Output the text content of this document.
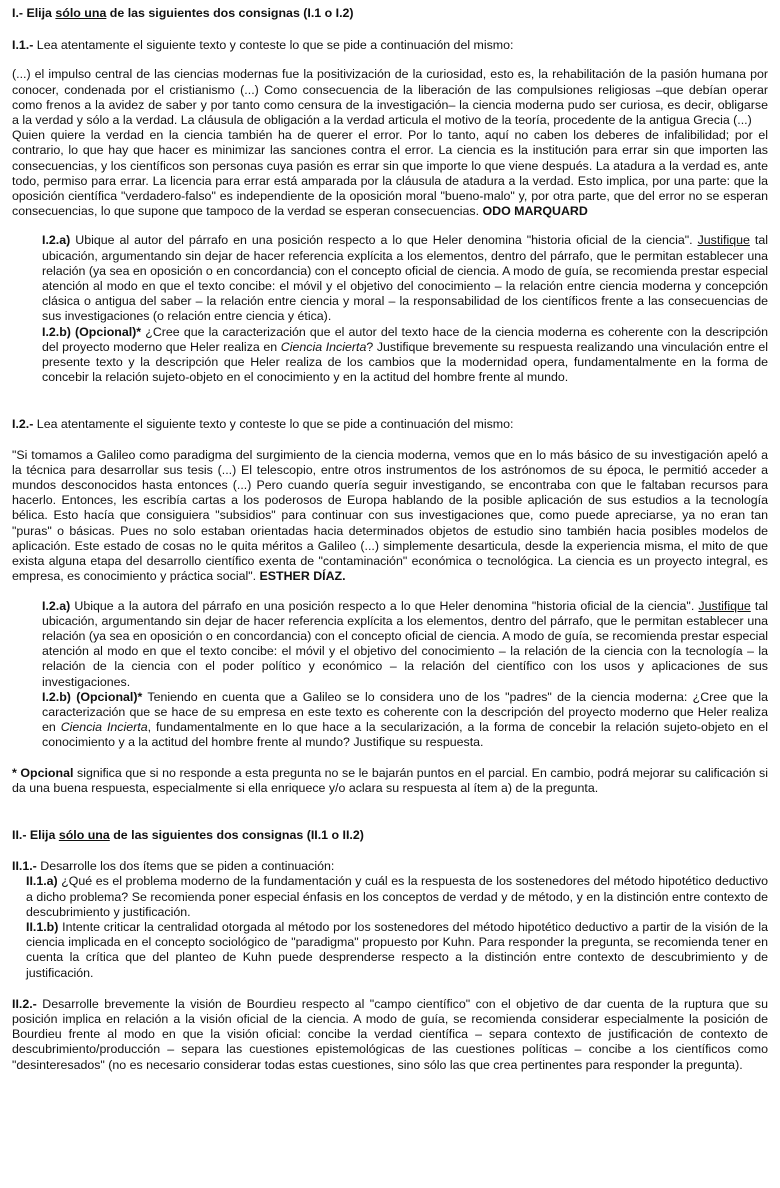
I.- Elija sólo una de las siguientes dos consignas (I.1 o I.2)

I.1.- Lea atentamente el siguiente texto y conteste lo que se pide a continuación del mismo:

(...) el impulso central de las ciencias modernas fue la positivización de la curiosidad, esto es, la rehabilitación de la pasión humana por conocer, condenada por el cristianismo (...) Como consecuencia de la liberación de las compulsiones religiosas –que debían operar como frenos a la avidez de saber y por tanto como censura de la investigación– la ciencia moderna pudo ser curiosa, es decir, obligarse a la verdad y sólo a la verdad. La cláusula de obligación a la verdad articula el motivo de la teoría, procedente de la antigua Grecia (...)

Quien quiere la verdad en la ciencia también ha de querer el error. Por lo tanto, aquí no caben los deberes de infalibilidad; por el contrario, lo que hay que hacer es minimizar las sanciones contra el error. La ciencia es la institución para errar sin que importen las consecuencias, y los científicos son personas cuya pasión es errar sin que importe lo que viene después. La atadura a la verdad es, ante todo, permiso para errar. La licencia para errar está amparada por la cláusula de atadura a la verdad. Esto implica, por una parte: que la oposición científica "verdadero-falso" es independiente de la oposición moral "bueno-malo" y, por otra parte, que del error no se esperan consecuencias, lo que supone que tampoco de la verdad se esperan consecuencias. ODO MARQUARD

I.2.a) Ubique al autor del párrafo en una posición respecto a lo que Heler denomina "historia oficial de la ciencia". Justifique tal ubicación, argumentando sin dejar de hacer referencia explícita a los elementos, dentro del párrafo, que le permitan establecer una relación (ya sea en oposición o en concordancia) con el concepto oficial de ciencia. A modo de guía, se recomienda prestar especial atención al modo en que el texto concibe: el móvil y el objetivo del conocimiento – la relación entre ciencia moderna y concepción clásica o antigua del saber – la relación entre ciencia y moral – la responsabilidad de los científicos frente a las consecuencias de sus investigaciones (o relación entre ciencia y ética).

I.2.b) (Opcional)* ¿Cree que la caracterización que el autor del texto hace de la ciencia moderna es coherente con la descripción del proyecto moderno que Heler realiza en Ciencia Incierta? Justifique brevemente su respuesta realizando una vinculación entre el presente texto y la descripción que Heler realiza de los cambios que la modernidad opera, fundamentalmente en la forma de concebir la relación sujeto-objeto en el conocimiento y en la actitud del hombre frente al mundo.

I.2.- Lea atentamente el siguiente texto y conteste lo que se pide a continuación del mismo:

"Si tomamos a Galileo como paradigma del surgimiento de la ciencia moderna, vemos que en lo más básico de su investigación apeló a la técnica para desarrollar sus tesis (...) El telescopio, entre otros instrumentos de los astrónomos de su época, le permitió acceder a mundos desconocidos hasta entonces (...) Pero cuando quería seguir investigando, se encontraba con que le faltaban recursos para hacerlo. Entonces, les escribía cartas a los poderosos de Europa hablando de la posible aplicación de sus estudios a la tecnología bélica. Esto hacía que consiguiera "subsidios" para continuar con sus investigaciones que, como puede apreciarse, ya no eran tan "puras" o básicas. Pues no solo estaban orientadas hacia determinados objetos de estudio sino también hacia posibles modelos de aplicación. Este estado de cosas no le quita méritos a Galileo (...) simplemente desarticula, desde la experiencia misma, el mito de que exista alguna etapa del desarrollo científico exenta de "contaminación" económica o tecnológica. La ciencia es un proyecto integral, es empresa, es conocimiento y práctica social". ESTHER DÍAZ.

I.2.a) Ubique a la autora del párrafo en una posición respecto a lo que Heler denomina "historia oficial de la ciencia". Justifique tal ubicación, argumentando sin dejar de hacer referencia explícita a los elementos, dentro del párrafo, que le permitan establecer una relación (ya sea en oposición o en concordancia) con el concepto oficial de ciencia. A modo de guía, se recomienda prestar especial atención al modo en que el texto concibe: el móvil y el objetivo del conocimiento – la relación de la ciencia con la tecnología – la relación de la ciencia con el poder político y económico – la relación del científico con los usos y aplicaciones de sus investigaciones.

I.2.b) (Opcional)* Teniendo en cuenta que a Galileo se lo considera uno de los "padres" de la ciencia moderna: ¿Cree que la caracterización que se hace de su empresa en este texto es coherente con la descripción del proyecto moderno que Heler realiza en Ciencia Incierta, fundamentalmente en lo que hace a la secularización, a la forma de concebir la relación sujeto-objeto en el conocimiento y a la actitud del hombre frente al mundo? Justifique su respuesta.

* Opcional significa que si no responde a esta pregunta no se le bajarán puntos en el parcial. En cambio, podrá mejorar su calificación si da una buena respuesta, especialmente si ella enriquece y/o aclara su respuesta al ítem a) de la pregunta.

II.- Elija sólo una de las siguientes dos consignas (II.1 o II.2)

II.1.- Desarrolle los dos ítems que se piden a continuación:

II.1.a) ¿Qué es el problema moderno de la fundamentación y cuál es la respuesta de los sostenedores del método hipotético deductivo a dicho problema? Se recomienda poner especial énfasis en los conceptos de verdad y de método, y en la distinción entre contexto de descubrimiento y justificación.

II.1.b) Intente criticar la centralidad otorgada al método por los sostenedores del método hipotético deductivo a partir de la visión de la ciencia implicada en el concepto sociológico de "paradigma" propuesto por Kuhn. Para responder la pregunta, se recomienda tener en cuenta la crítica que del planteo de Kuhn puede desprenderse respecto a la distinción entre contexto de descubrimiento y de justificación.

II.2.- Desarrolle brevemente la visión de Bourdieu respecto al "campo científico" con el objetivo de dar cuenta de la ruptura que su posición implica en relación a la visión oficial de la ciencia. A modo de guía, se recomienda considerar especialmente la posición de Bourdieu frente al modo en que la visión oficial: concibe la verdad científica – separa contexto de justificación de contexto de descubrimiento/producción – separa las cuestiones epistemológicas de las cuestiones políticas – concibe a los científicos como "desinteresados" (no es necesario considerar todas estas cuestiones, sino sólo las que crea pertinentes para responder la pregunta).
